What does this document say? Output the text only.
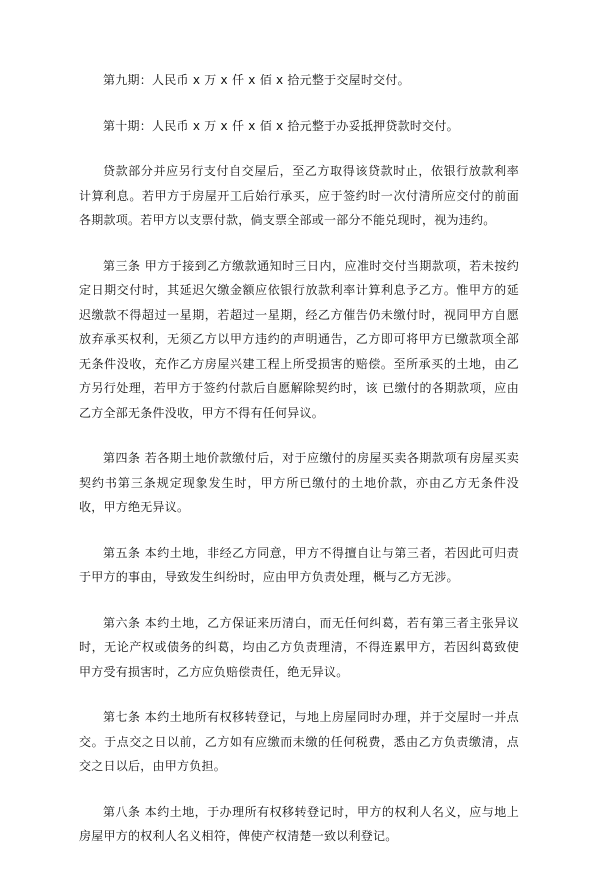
第九期：人民币 x 万 x 仟 x 佰 x 拾元整于交屋时交付。

第十期：人民币 x 万 x 仟 x 佰 x 拾元整于办妥抵押贷款时交付。

贷款部分并应另行支付自交屋后，至乙方取得该贷款时止，依银行放款利率计算利息。若甲方于房屋开工后始行承买，应于签约时一次付清所应交付的前面各期款项。若甲方以支票付款，倘支票全部或一部分不能兑现时，视为违约。

第三条 甲方于接到乙方缴款通知时三日内，应准时交付当期款项，若未按约定日期交付时，其延迟欠缴金额应依银行放款利率计算利息予乙方。惟甲方的延迟缴款不得超过一星期，若超过一星期，经乙方催告仍未缴付时，视同甲方自愿放弃承买权利，无须乙方以甲方违约的声明通告，乙方即可将甲方已缴款项全部无条件没收，充作乙方房屋兴建工程上所受损害的赔偿。至所承买的土地，由乙方另行处理，若甲方于签约付款后自愿解除契约时，该 已缴付的各期款项，应由乙方全部无条件没收，甲方不得有任何异议。

第四条 若各期土地价款缴付后，对于应缴付的房屋买卖各期款项有房屋买卖契约书第三条规定现象发生时，甲方所已缴付的土地价款，亦由乙方无条件没收，甲方绝无异议。

第五条 本约土地，非经乙方同意，甲方不得擅自让与第三者，若因此可归责于甲方的事由，导致发生纠纷时，应由甲方负责处理，概与乙方无涉。

第六条 本约土地，乙方保证来历清白，而无任何纠葛，若有第三者主张异议时，无论产权或债务的纠葛，均由乙方负责理清，不得连累甲方，若因纠葛致使甲方受有损害时，乙方应负赔偿责任，绝无异议。

第七条 本约土地所有权移转登记，与地上房屋同时办理，并于交屋时一并点交。于点交之日以前，乙方如有应缴而未缴的任何税费，悉由乙方负责缴清，点交之日以后，由甲方负担。

第八条 本约土地，于办理所有权移转登记时，甲方的权利人名义，应与地上房屋甲方的权利人名义相符，俾使产权清楚一致以利登记。
